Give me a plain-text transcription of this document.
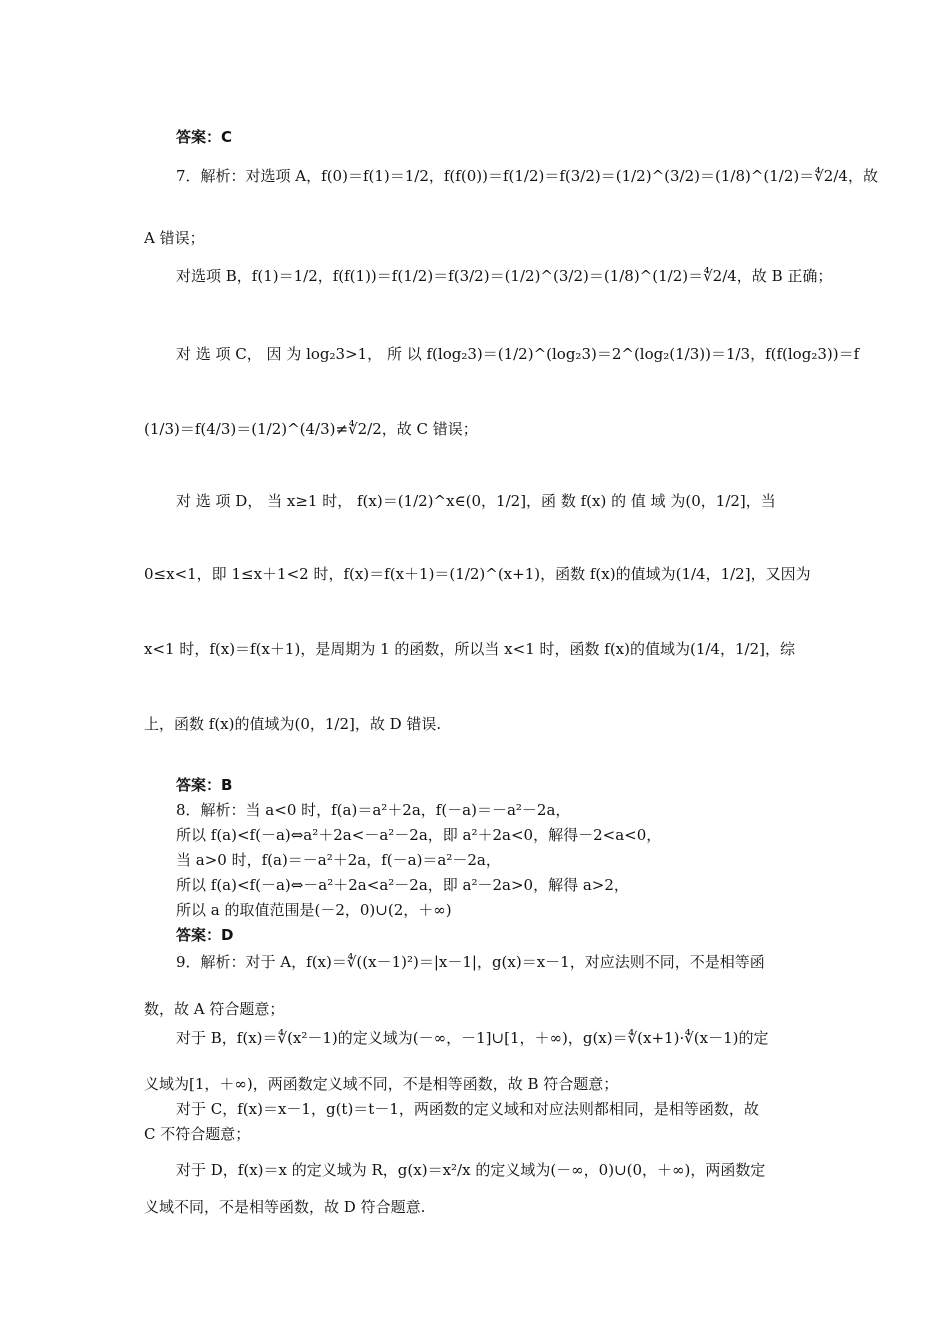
答案：C
7．解析：对选项 A，f(0)＝f(1)＝1/2，f(f(0))＝f(1/2)＝f(3/2)＝(1/2)^(3/2)＝(1/8)^(1/2)＝∜2/4，故
A 错误；
对选项 B，f(1)＝1/2，f(f(1))＝f(1/2)＝f(3/2)＝(1/2)^(3/2)＝(1/8)^(1/2)＝∜2/4，故 B 正确；
对 选 项 C， 因 为 log₂3>1， 所 以 f(log₂3)＝(1/2)^(log₂3)＝2^(log₂(1/3))＝1/3，f(f(log₂3))＝f
(1/3)＝f(4/3)＝(1/2)^(4/3)≠∜2/2，故 C 错误；
对 选 项 D， 当 x≥1 时， f(x)＝(1/2)^x∈(0，1/2]，函 数 f(x) 的 值 域 为(0，1/2]，当
0≤x<1，即 1≤x＋1<2 时，f(x)＝f(x＋1)＝(1/2)^(x+1)，函数 f(x)的值域为(1/4，1/2]，又因为
x<1 时，f(x)＝f(x＋1)，是周期为 1 的函数，所以当 x<1 时，函数 f(x)的值域为(1/4，1/2]，综
上，函数 f(x)的值域为(0，1/2]，故 D 错误.
答案：B
8．解析：当 a<0 时，f(a)＝a²＋2a，f(－a)＝－a²－2a，
所以 f(a)<f(－a)⇔a²＋2a<－a²－2a，即 a²＋2a<0，解得－2<a<0，
当 a>0 时，f(a)＝－a²＋2a，f(－a)＝a²－2a，
所以 f(a)<f(－a)⇔－a²＋2a<a²－2a，即 a²－2a>0，解得 a>2，
所以 a 的取值范围是(－2，0)∪(2，＋∞)
答案：D
9．解析：对于 A，f(x)＝∜((x－1)²)＝|x－1|，g(x)＝x－1，对应法则不同，不是相等函
数，故 A 符合题意；
对于 B，f(x)＝∜(x²－1)的定义域为(－∞，－1]∪[1，＋∞)，g(x)＝∜(x+1)·∜(x－1)的定
义域为[1，＋∞)，两函数定义域不同，不是相等函数，故 B 符合题意；
对于 C，f(x)＝x－1，g(t)＝t－1，两函数的定义域和对应法则都相同，是相等函数，故
C 不符合题意；
对于 D，f(x)＝x 的定义域为 R，g(x)＝x²/x 的定义域为(－∞，0)∪(0，＋∞)，两函数定
义域不同，不是相等函数，故 D 符合题意.
